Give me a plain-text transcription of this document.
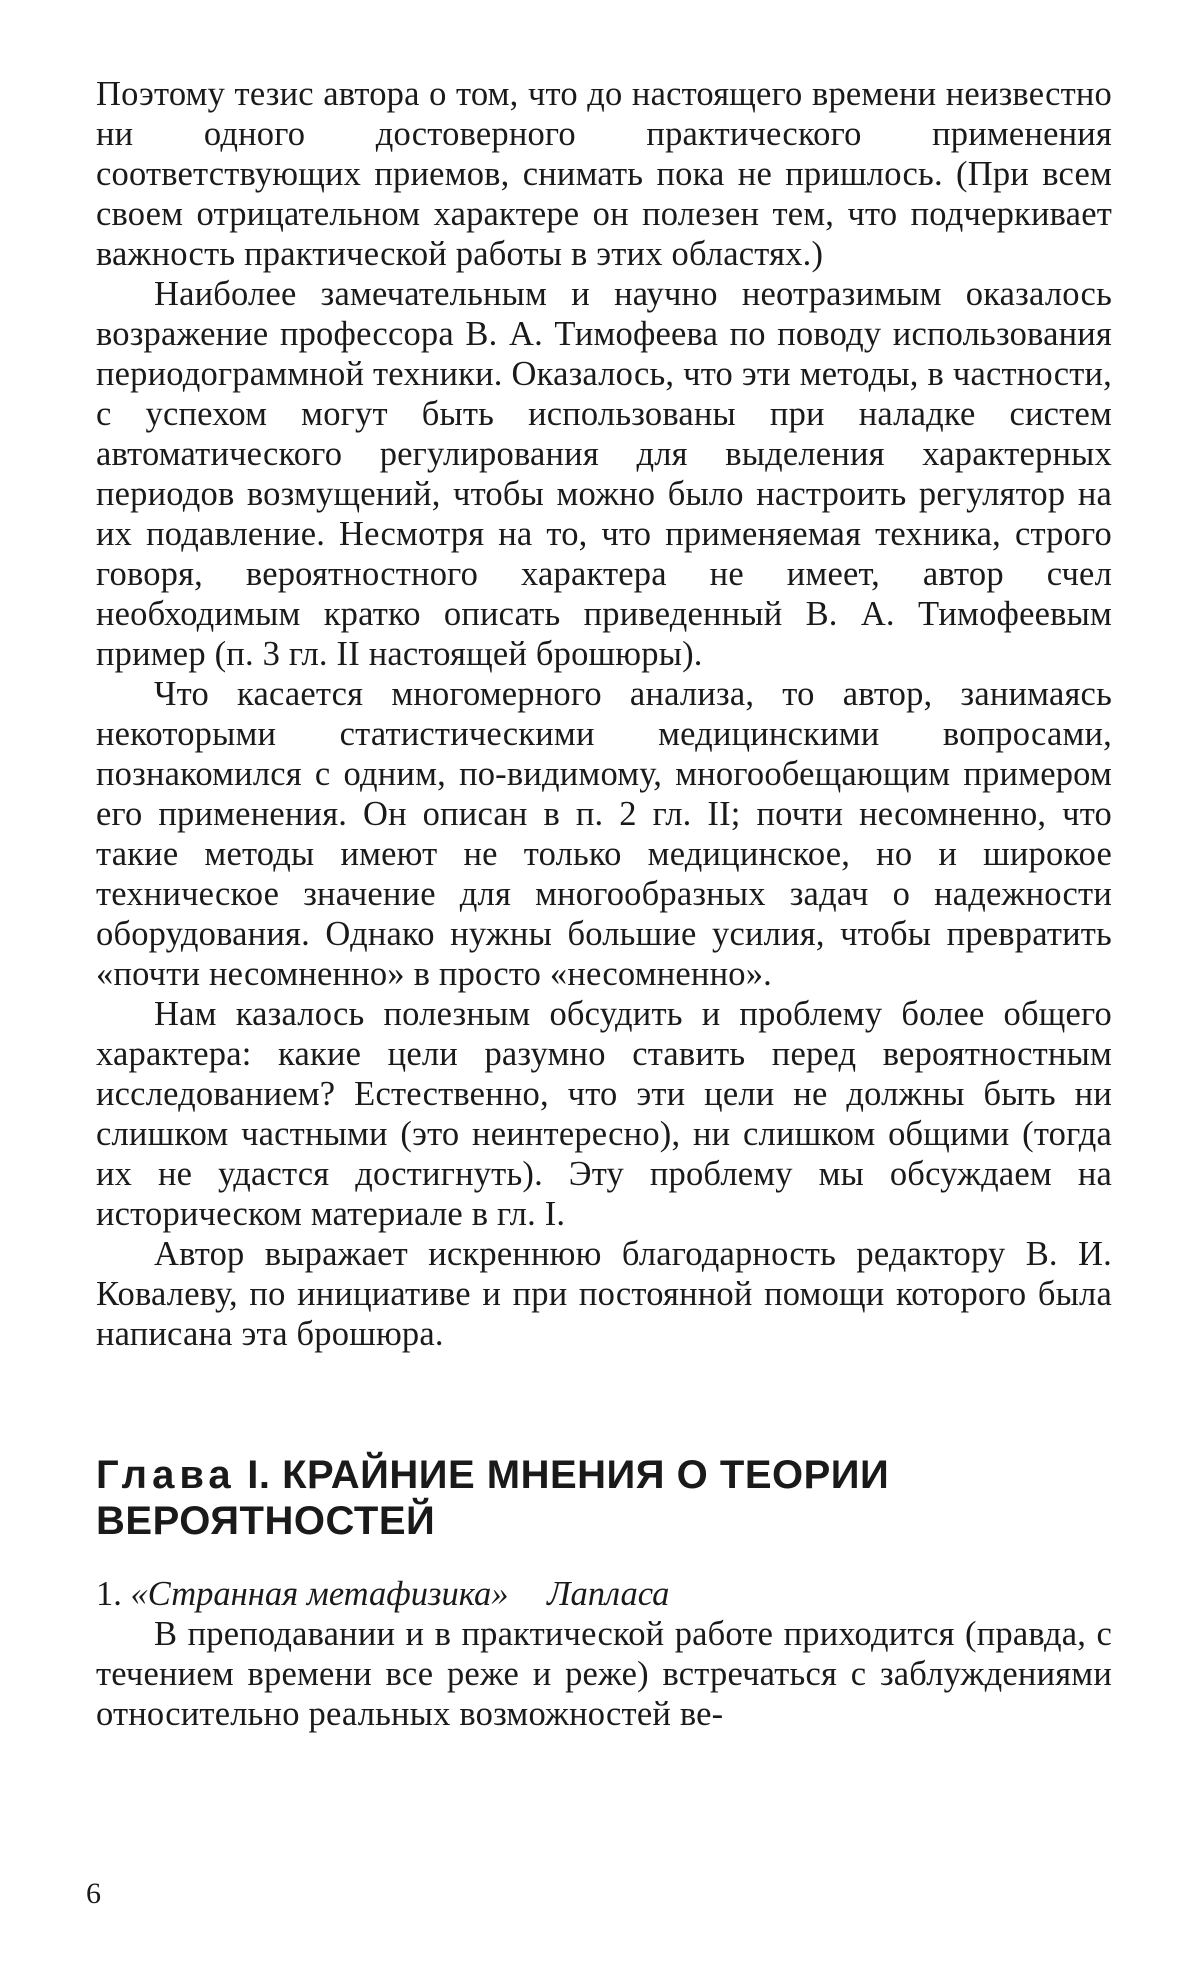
Поэтому тезис автора о том, что до настоящего времени неизвестно ни одного достоверного практического применения соответствующих приемов, снимать пока не пришлось. (При всем своем отрицательном характере он полезен тем, что подчеркивает важность практической работы в этих областях.)

Наиболее замечательным и научно неотразимым оказалось возражение профессора В. А. Тимофеева по поводу использования периодограммной техники. Оказалось, что эти методы, в частности, с успехом могут быть использованы при наладке систем автоматического регулирования для выделения характерных периодов возмущений, чтобы можно было настроить регулятор на их подавление. Несмотря на то, что применяемая техника, строго говоря, вероятностного характера не имеет, автор счел необходимым кратко описать приведенный В. А. Тимофеевым пример (п. 3 гл. II настоящей брошюры).

Что касается многомерного анализа, то автор, занимаясь некоторыми статистическими медицинскими вопросами, познакомился с одним, по-видимому, многообещающим примером его применения. Он описан в п. 2 гл. II; почти несомненно, что такие методы имеют не только медицинское, но и широкое техническое значение для многообразных задач о надежности оборудования. Однако нужны большие усилия, чтобы превратить «почти несомненно» в просто «несомненно».

Нам казалось полезным обсудить и проблему более общего характера: какие цели разумно ставить перед вероятностным исследованием? Естественно, что эти цели не должны быть ни слишком частными (это неинтересно), ни слишком общими (тогда их не удастся достигнуть). Эту проблему мы обсуждаем на историческом материале в гл. I.

Автор выражает искреннюю благодарность редактору В. И. Ковалеву, по инициативе и при постоянной помощи которого была написана эта брошюра.

Глава I. КРАЙНИЕ МНЕНИЯ О ТЕОРИИ ВЕРОЯТНОСТЕЙ

1. «Странная метафизика» Лапласа

В преподавании и в практической работе приходится (правда, с течением времени все реже и реже) встречаться с заблуждениями относительно реальных возможностей ве-

6
